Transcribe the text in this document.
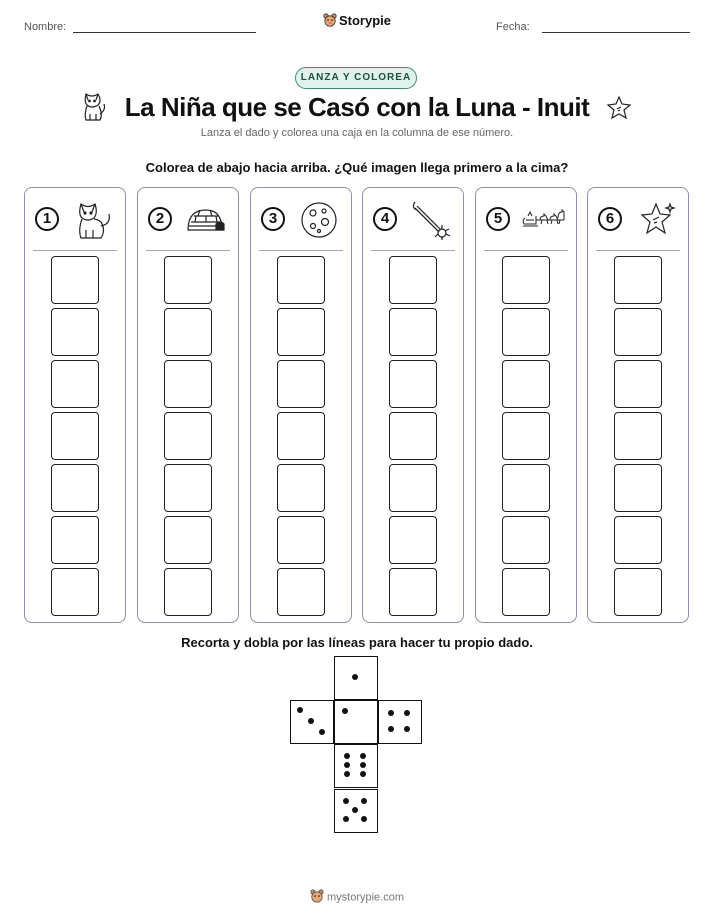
Nombre:	Fecha:
Storypie
LANZA Y COLOREA
La Niña que se Casó con la Luna - Inuit
Lanza el dado y colorea una caja en la columna de ese número.
Colorea de abajo hacia arriba. ¿Qué imagen llega primero a la cima?
1	2	3	4	5	6
Recorta y dobla por las líneas para hacer tu propio dado.
mystorypie.com
